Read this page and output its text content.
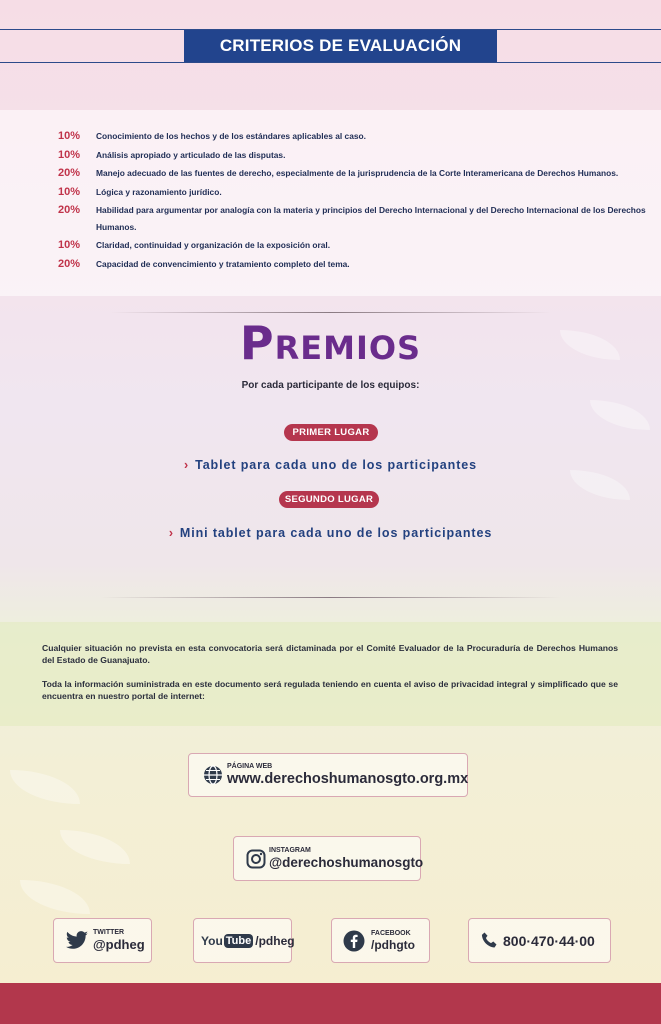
CRITERIOS DE EVALUACIÓN
10%	Conocimiento de los hechos y de los estándares aplicables al caso.
10%	Análisis apropiado y articulado de las disputas.
20%	Manejo adecuado de las fuentes de derecho, especialmente de la jurisprudencia de la Corte Interamericana de Derechos Humanos.
10%	Lógica y razonamiento jurídico.
20%	Habilidad para argumentar por analogía con la materia y principios del Derecho Internacional y del Derecho Internacional de los Derechos Humanos.
10%	Claridad, continuidad y organización de la exposición oral.
20%	Capacidad de convencimiento y tratamiento completo del tema.
Premios
Por cada participante de los equipos:
PRIMER LUGAR
› Tablet para cada uno de los participantes
SEGUNDO LUGAR
› Mini tablet para cada uno de los participantes

Cualquier situación no prevista en esta convocatoria será dictaminada por el Comité Evaluador de la Procuraduría de Derechos Humanos del Estado de Guanajuato.

Toda la información suministrada en este documento será regulada teniendo en cuenta el aviso de privacidad integral y simplificado que se encuentra en nuestro portal de internet:

PÁGINA WEB
www.derechoshumanosgto.org.mx
INSTAGRAM
@derechoshumanosgto
TWITTER
@pdheg	You Tube /pdheg
FACEBOOK
/pdhgto	800·470·44·00
